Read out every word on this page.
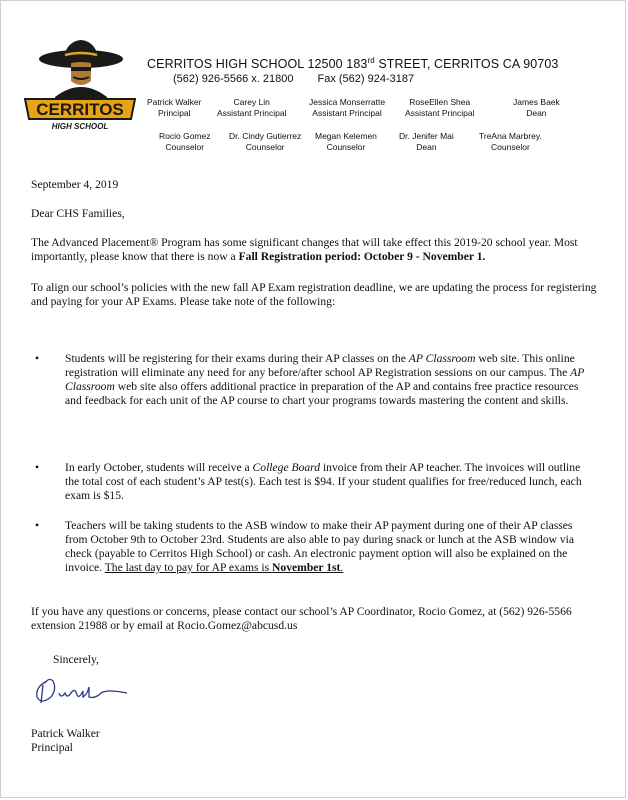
CERRITOS
HIGH SCHOOL
CERRITOS HIGH SCHOOL 12500 183rd STREET, CERRITOS CA 90703
(562) 926-5566 x. 21800 Fax (562) 924-3187
Patrick Walker
Principal
Carey Lin
Assistant Principal
Jessica Monserratte
Assistant Principal
RoseEllen Shea
Assistant Principal
James Baek
Dean
Rocio Gomez
Counselor
Dr. Cindy Gutierrez
Counselor
Megan Kelemen
Counselor
Dr. Jenifer Mai
Dean
TreAna Marbrey.
Counselor
September 4, 2019
Dear CHS Families,
The Advanced Placement® Program has some significant changes that will take effect this 2019-20 school year. Most importantly, please know that there is now a Fall Registration period: October 9 - November 1.
To align our school’s policies with the new fall AP Exam registration deadline, we are updating the process for registering and paying for your AP Exams. Please take note of the following:
• Students will be registering for their exams during their AP classes on the AP Classroom web site. This online registration will eliminate any need for any before/after school AP Registration sessions on our campus. The AP Classroom web site also offers additional practice in preparation of the AP and contains free practice resources and feedback for each unit of the AP course to chart your programs towards mastering the content and skills.
• In early October, students will receive a College Board invoice from their AP teacher. The invoices will outline the total cost of each student’s AP test(s). Each test is $94. If your student qualifies for free/reduced lunch, each exam is $15.
• Teachers will be taking students to the ASB window to make their AP payment during one of their AP classes from October 9th to October 23rd. Students are also able to pay during snack or lunch at the ASB window via check (payable to Cerritos High School) or cash. An electronic payment option will also be explained on the invoice. The last day to pay for AP exams is November 1st.
If you have any questions or concerns, please contact our school’s AP Coordinator, Rocio Gomez, at (562) 926-5566 extension 21988 or by email at Rocio.Gomez@abcusd.us
Sincerely,
Patrick Walker
Principal
